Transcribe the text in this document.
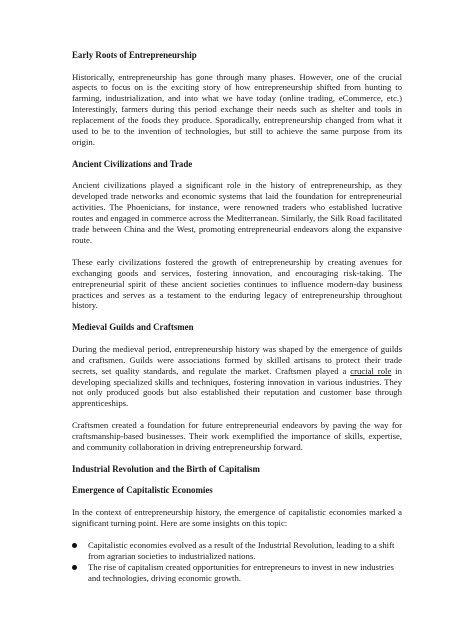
Early Roots of Entrepreneurship

Historically, entrepreneurship has gone through many phases. However, one of the crucial aspects to focus on is the exciting story of how entrepreneurship shifted from hunting to farming, industrialization, and into what we have today (online trading, eCommerce, etc.) Interestingly, farmers during this period exchange their needs such as shelter and tools in replacement of the foods they produce. Sporadically, entrepreneurship changed from what it used to be to the invention of technologies, but still to achieve the same purpose from its origin.

Ancient Civilizations and Trade

Ancient civilizations played a significant role in the history of entrepreneurship, as they developed trade networks and economic systems that laid the foundation for entrepreneurial activities. The Phoenicians, for instance, were renowned traders who established lucrative routes and engaged in commerce across the Mediterranean. Similarly, the Silk Road facilitated trade between China and the West, promoting entrepreneurial endeavors along the expansive route.

These early civilizations fostered the growth of entrepreneurship by creating avenues for exchanging goods and services, fostering innovation, and encouraging risk-taking. The entrepreneurial spirit of these ancient societies continues to influence modern-day business practices and serves as a testament to the enduring legacy of entrepreneurship throughout history.

Medieval Guilds and Craftsmen

During the medieval period, entrepreneurship history was shaped by the emergence of guilds and craftsmen. Guilds were associations formed by skilled artisans to protect their trade secrets, set quality standards, and regulate the market. Craftsmen played a crucial role in developing specialized skills and techniques, fostering innovation in various industries. They not only produced goods but also established their reputation and customer base through apprenticeships.

Craftsmen created a foundation for future entrepreneurial endeavors by paving the way for craftsmanship-based businesses. Their work exemplified the importance of skills, expertise, and community collaboration in driving entrepreneurship forward.

Industrial Revolution and the Birth of Capitalism
Emergence of Capitalistic Economies

In the context of entrepreneurship history, the emergence of capitalistic economies marked a significant turning point. Here are some insights on this topic:

Capitalistic economies evolved as a result of the Industrial Revolution, leading to a shift from agrarian societies to industrialized nations.
The rise of capitalism created opportunities for entrepreneurs to invest in new industries and technologies, driving economic growth.
